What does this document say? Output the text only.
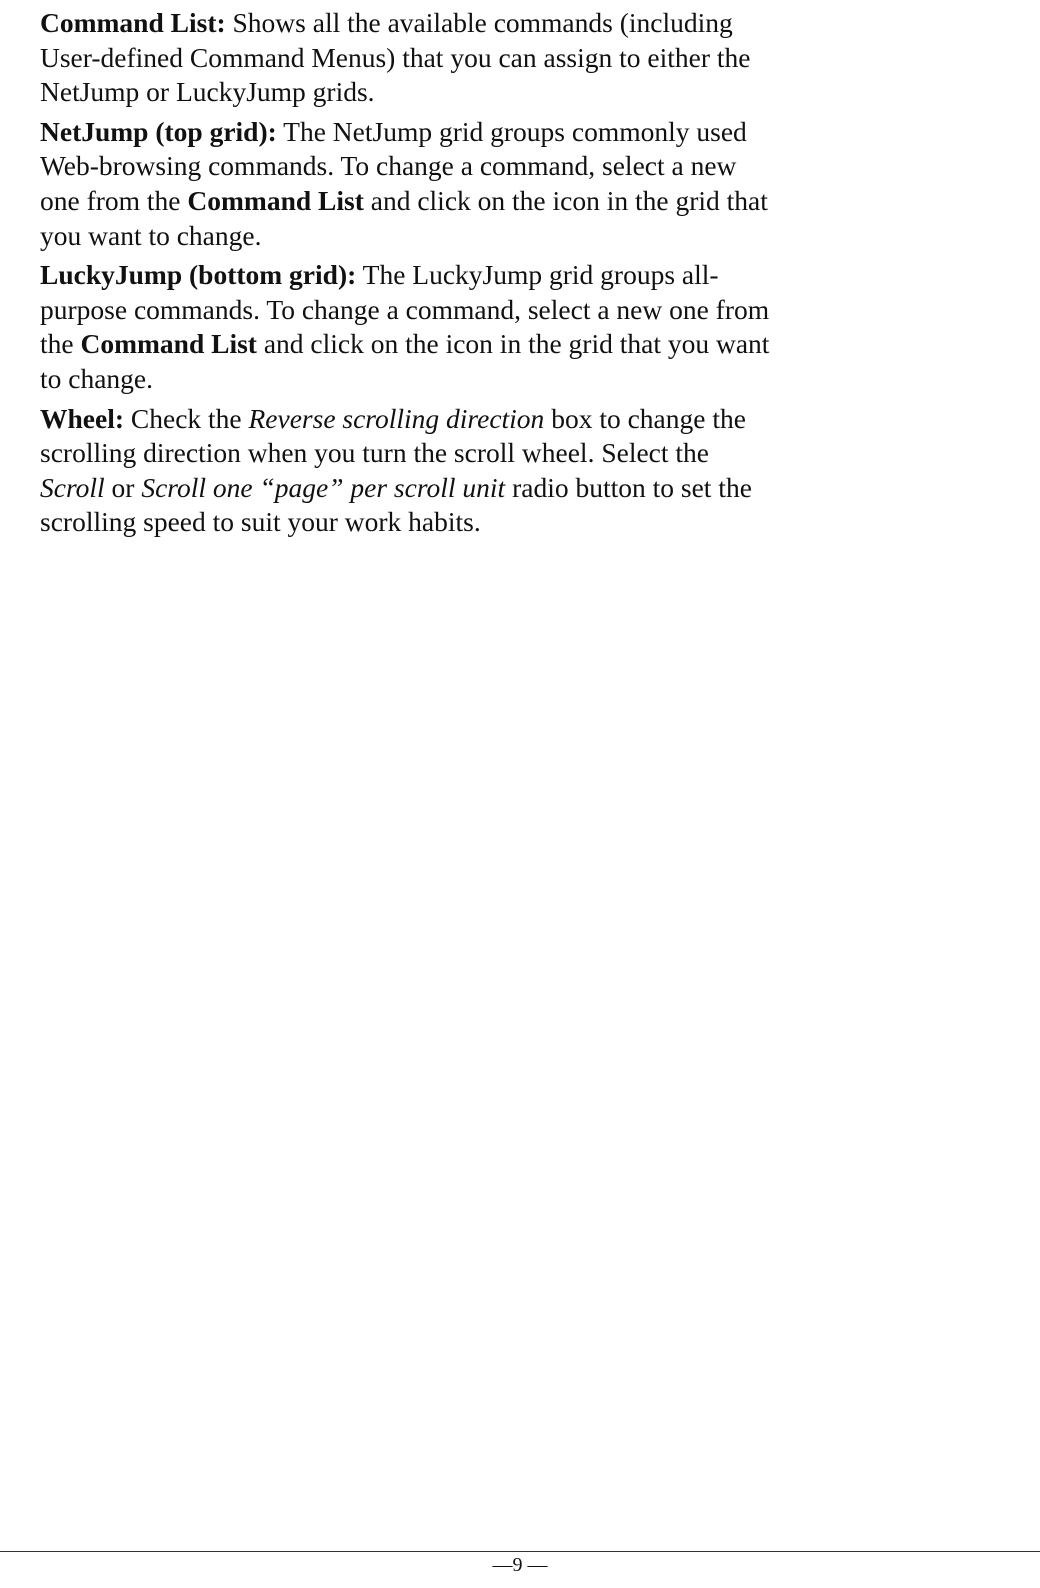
Command List: Shows all the available commands (including User-defined Command Menus) that you can assign to either the NetJump or LuckyJump grids.

NetJump (top grid): The NetJump grid groups commonly used Web-browsing commands. To change a command, select a new one from the Command List and click on the icon in the grid that you want to change.

LuckyJump (bottom grid): The LuckyJump grid groups all-purpose commands. To change a command, select a new one from the Command List and click on the icon in the grid that you want to change.

Wheel: Check the Reverse scrolling direction box to change the scrolling direction when you turn the scroll wheel. Select the Scroll or Scroll one “page” per scroll unit radio button to set the scrolling speed to suit your work habits.

—9 —
